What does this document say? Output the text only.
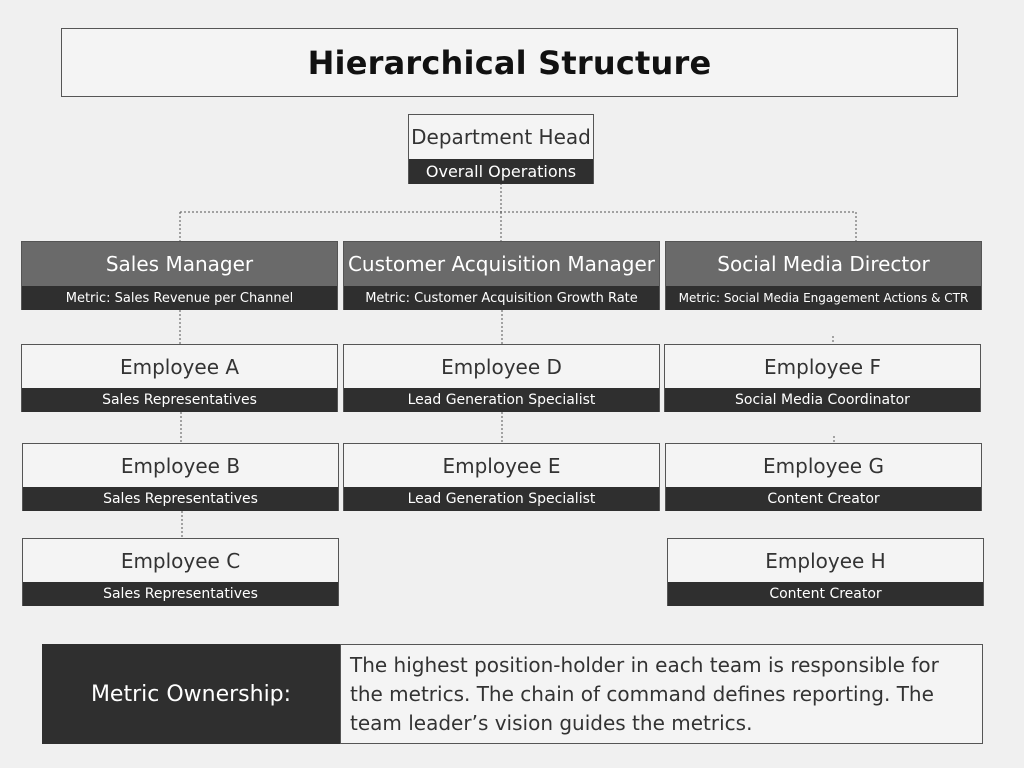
Hierarchical Structure
Department Head
Overall Operations
Sales Manager
Metric: Sales Revenue per Channel
Customer Acquisition Manager
Metric: Customer Acquisition Growth Rate
Social Media Director
Metric: Social Media Engagement Actions & CTR
Employee A
Sales Representatives
Employee B
Sales Representatives
Employee C
Sales Representatives
Employee D
Lead Generation Specialist
Employee E
Lead Generation Specialist
Employee F
Social Media Coordinator
Employee G
Content Creator
Employee H
Content Creator
Metric Ownership:
The highest position-holder in each team is responsible for the metrics. The chain of command defines reporting. The team leader’s vision guides the metrics.
